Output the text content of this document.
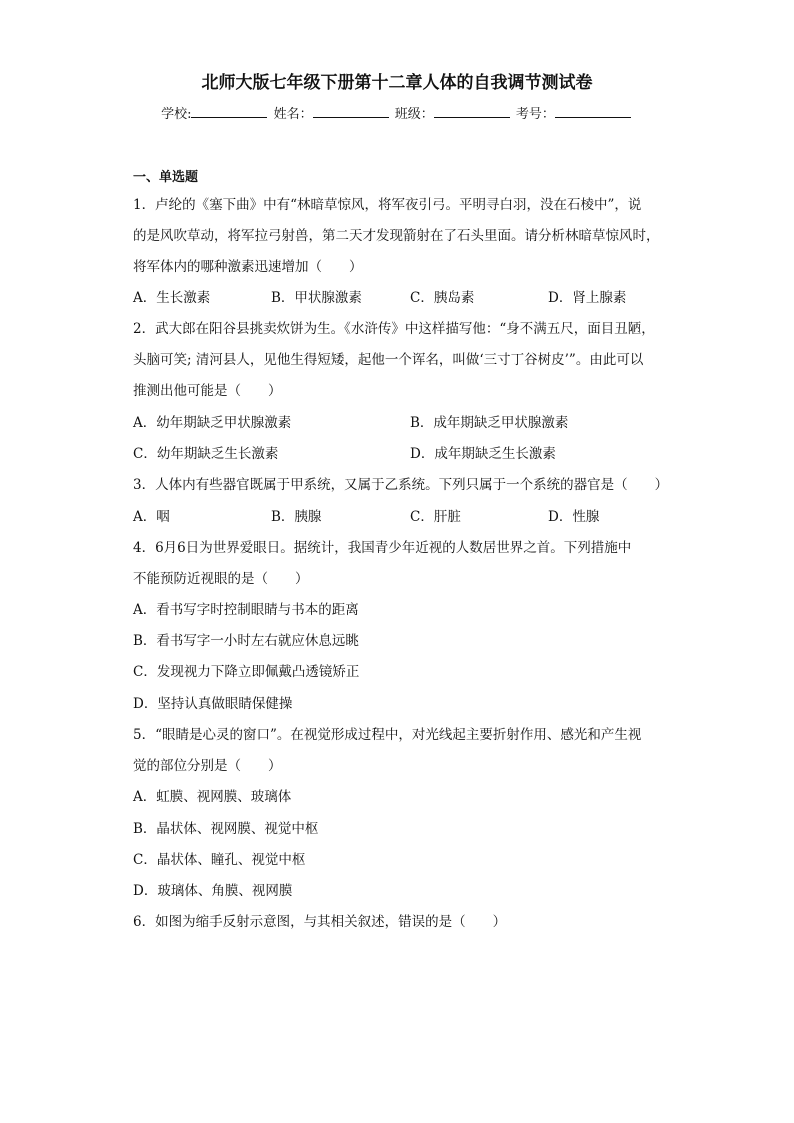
北师大版七年级下册第十二章人体的自我调节测试卷
学校:	姓名：	班级：	考号：
一、单选题
1．卢纶的《塞下曲》中有“林暗草惊风，将军夜引弓。平明寻白羽，没在石棱中”，说
的是风吹草动，将军拉弓射兽，第二天才发现箭射在了石头里面。请分析林暗草惊风时，
将军体内的哪种激素迅速增加（　　）
A．生长激素	B．甲状腺激素	C．胰岛素	D．肾上腺素
2．武大郎在阳谷县挑卖炊饼为生。《水浒传》中这样描写他：“身不满五尺，面目丑陋，
头脑可笑; 清河县人，见他生得短矮，起他一个诨名，叫做‘三寸丁谷树皮’”。由此可以
推测出他可能是（　　）
A．幼年期缺乏甲状腺激素	B．成年期缺乏甲状腺激素
C．幼年期缺乏生长激素	D．成年期缺乏生长激素
3．人体内有些器官既属于甲系统，又属于乙系统。下列只属于一个系统的器官是（　　）
A．咽	B．胰腺	C．肝脏	D．性腺
4．6月6日为世界爱眼日。据统计，我国青少年近视的人数居世界之首。下列措施中
不能预防近视眼的是（　　）
A．看书写字时控制眼睛与书本的距离
B．看书写字一小时左右就应休息远眺
C．发现视力下降立即佩戴凸透镜矫正
D．坚持认真做眼睛保健操
5．“眼睛是心灵的窗口”。在视觉形成过程中，对光线起主要折射作用、感光和产生视
觉的部位分别是（　　）
A．虹膜、视网膜、玻璃体
B．晶状体、视网膜、视觉中枢
C．晶状体、瞳孔、视觉中枢
D．玻璃体、角膜、视网膜
6．如图为缩手反射示意图，与其相关叙述，错误的是（　　）
